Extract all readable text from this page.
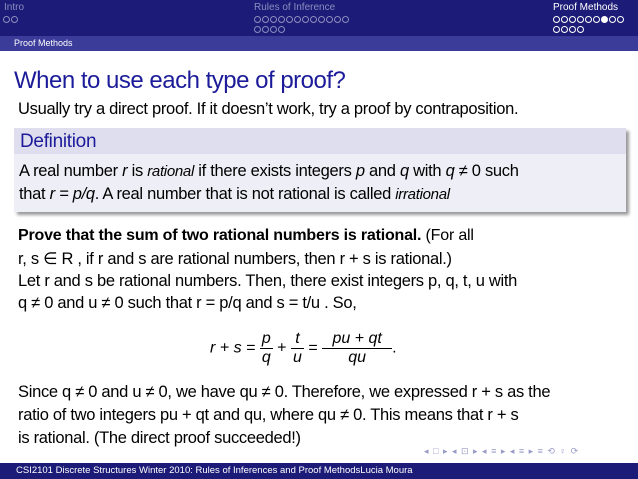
Intro	Rules of Inference	Proof Methods
Proof Methods
When to use each type of proof?
Usually try a direct proof. If it doesn’t work, try a proof by contraposition.
Definition
A real number r is rational if there exists integers p and q with q ≠ 0 such
that r = p/q. A real number that is not rational is called irrational
Prove that the sum of two rational numbers is rational. (For all
r, s ∈ R , if r and s are rational numbers, then r + s is rational.)
Let r and s be rational numbers. Then, there exist integers p, q, t, u with
q ≠ 0 and u ≠ 0 such that r = p/q and s = t/u . So,
$r + s = \frac{p}{q} + \frac{t}{u} = \frac{pu + qt}{qu}$ .
Since q ≠ 0 and u ≠ 0, we have qu ≠ 0. Therefore, we expressed r + s as the
ratio of two integers pu + qt and qu, where qu ≠ 0. This means that r + s
is rational. (The direct proof succeeded!)
◂ □ ▸ ◂ ⊡ ▸ ◂ ≡ ▸ ◂ ≡ ▸ ≡ ⟲ ♀ ⟳
CSI2101 Discrete Structures Winter 2010: Rules of Inferences and Proof MethodsLucia Moura
